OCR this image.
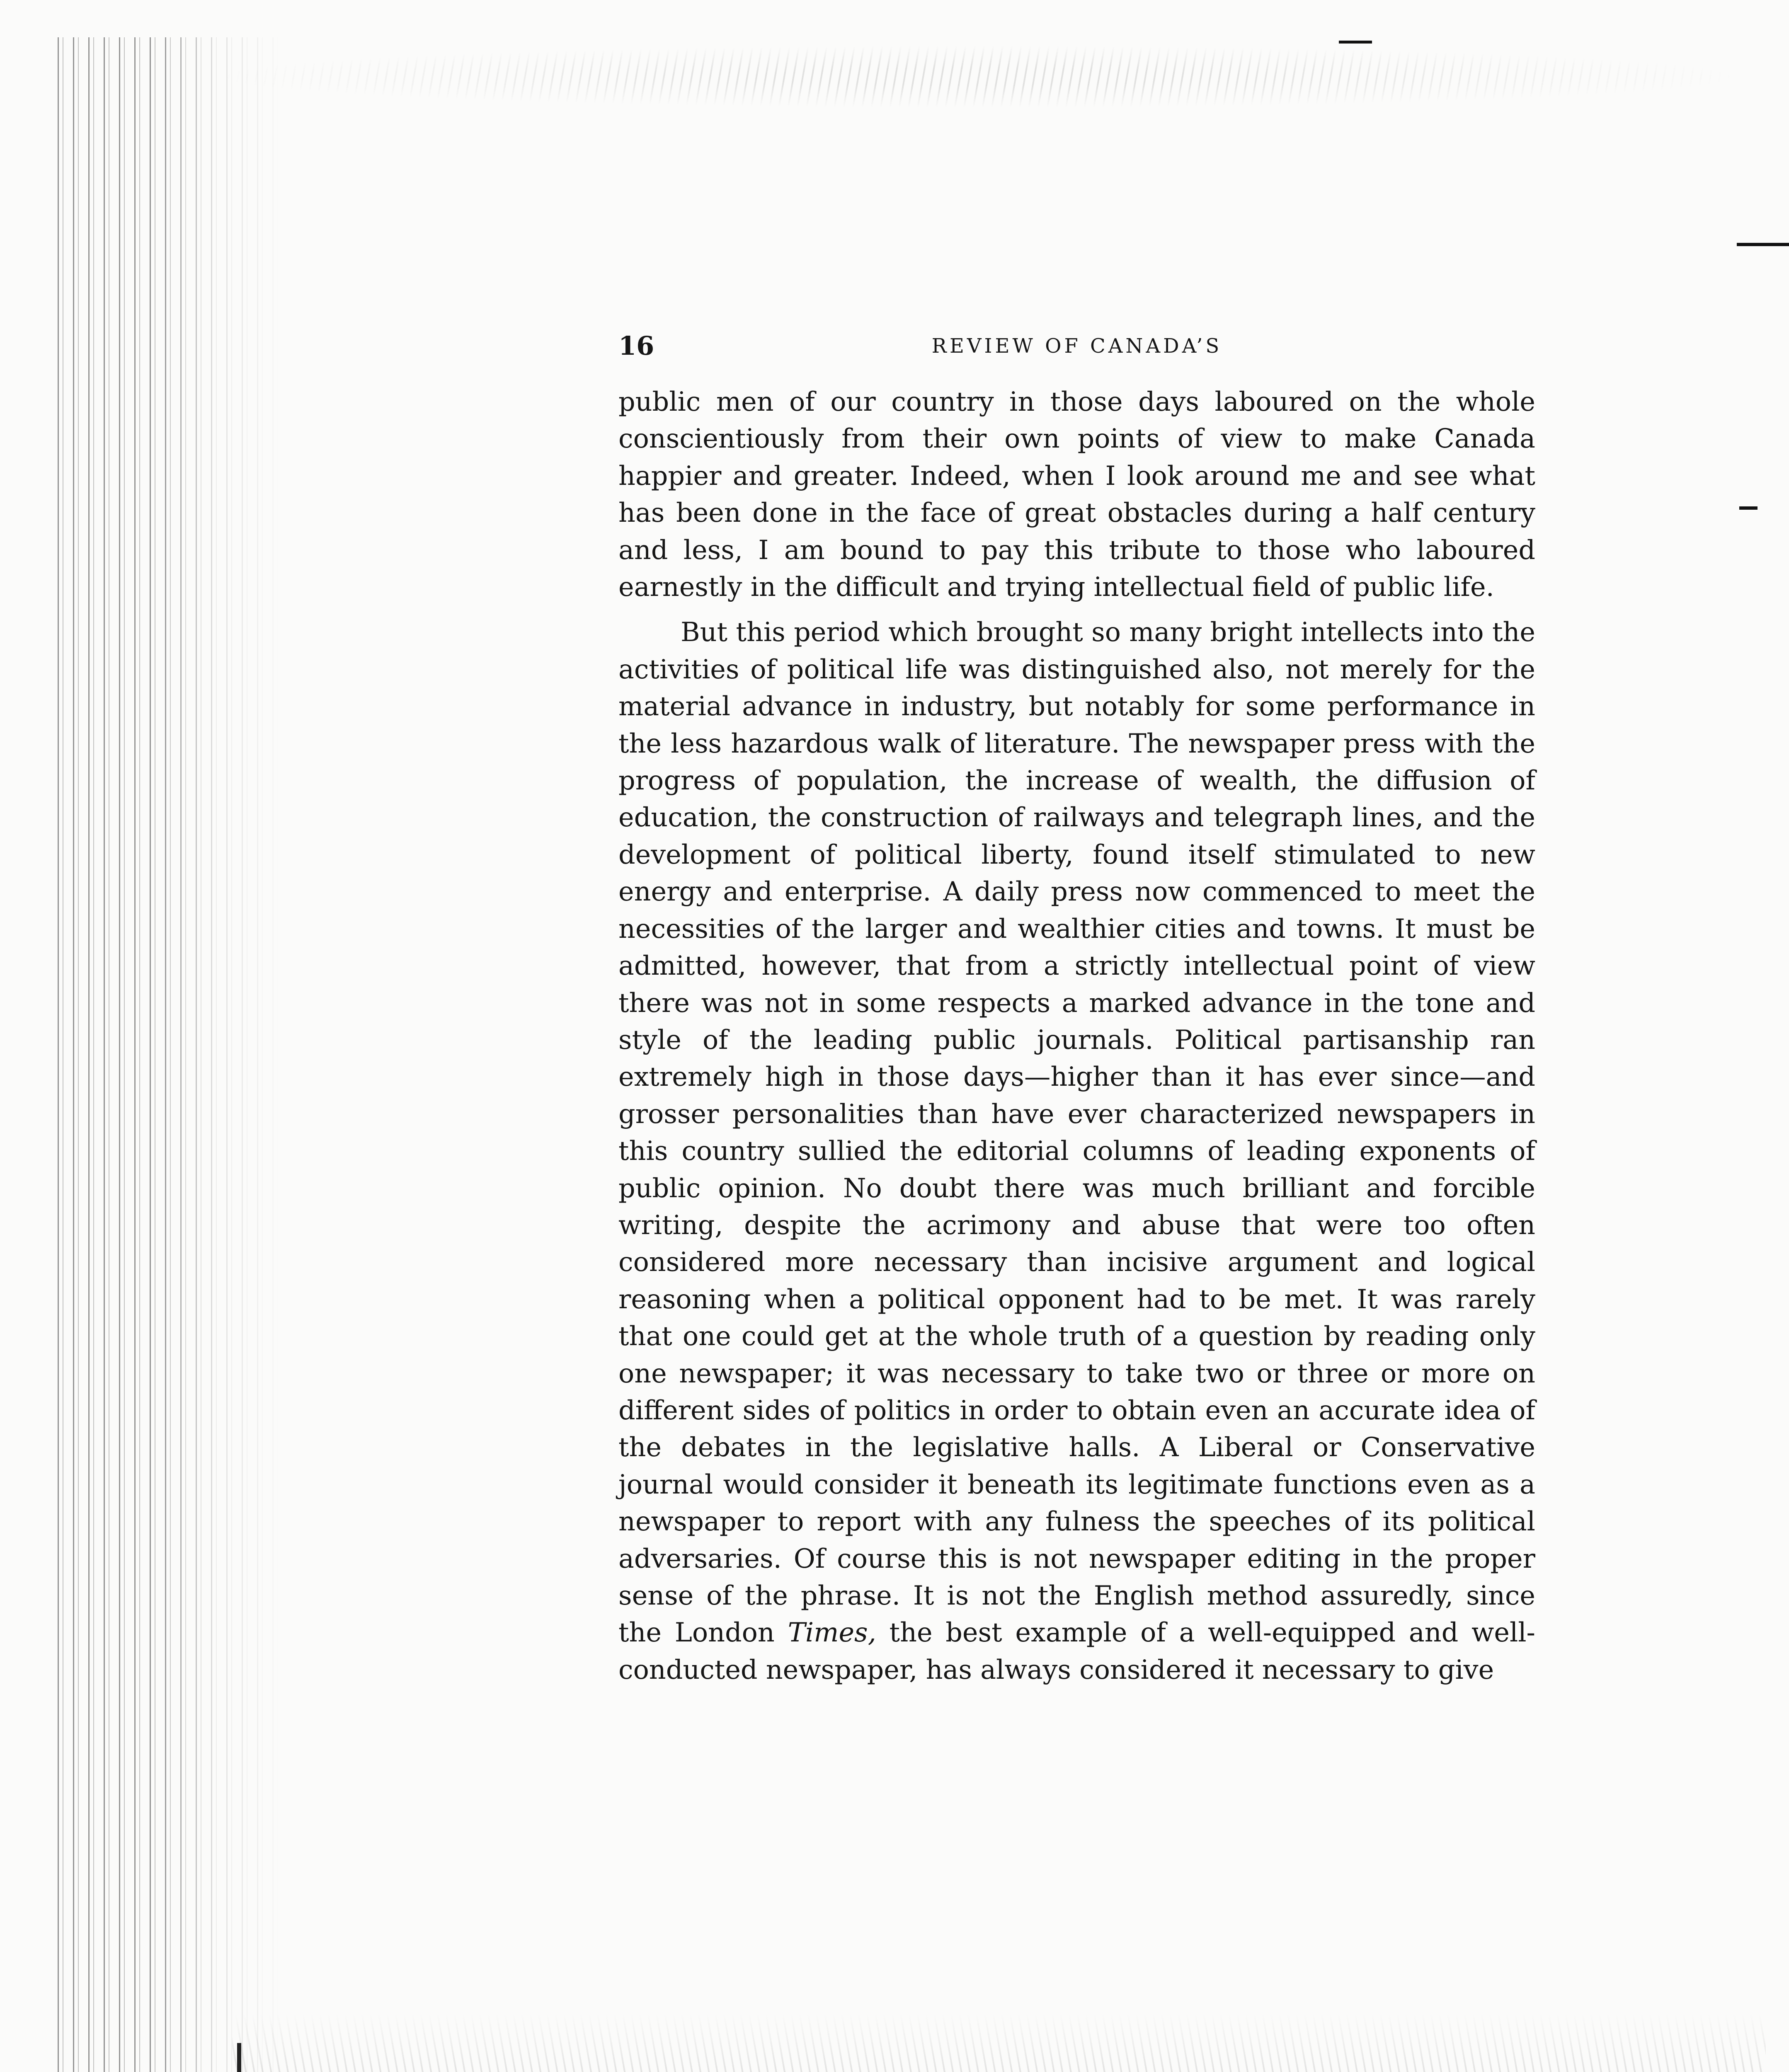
16	REVIEW OF CANADA’S

public men of our country in those days laboured on the whole conscientiously from their own points of view to make Canada happier and greater. Indeed, when I look around me and see what has been done in the face of great obstacles during a half century and less, I am bound to pay this tribute to those who laboured earnestly in the difficult and trying intellectual field of public life.

But this period which brought so many bright intellects into the activities of political life was distinguished also, not merely for the material advance in industry, but notably for some performance in the less hazardous walk of literature. The newspaper press with the progress of population, the increase of wealth, the diffusion of education, the construction of railways and telegraph lines, and the development of political liberty, found itself stimulated to new energy and enterprise. A daily press now commenced to meet the necessities of the larger and wealthier cities and towns. It must be admitted, however, that from a strictly intellectual point of view there was not in some respects a marked advance in the tone and style of the leading public journals. Political partisanship ran extremely high in those days—higher than it has ever since—and grosser personalities than have ever characterized newspapers in this country sullied the editorial columns of leading exponents of public opinion. No doubt there was much brilliant and forcible writing, despite the acrimony and abuse that were too often considered more necessary than incisive argument and logical reasoning when a political opponent had to be met. It was rarely that one could get at the whole truth of a question by reading only one newspaper; it was necessary to take two or three or more on different sides of politics in order to obtain even an accurate idea of the debates in the legislative halls. A Liberal or Conservative journal would consider it beneath its legitimate functions even as a newspaper to report with any fulness the speeches of its political adversaries. Of course this is not newspaper editing in the proper sense of the phrase. It is not the English method assuredly, since the London Times, the best example of a well-equipped and well-conducted newspaper, has always considered it necessary to give
